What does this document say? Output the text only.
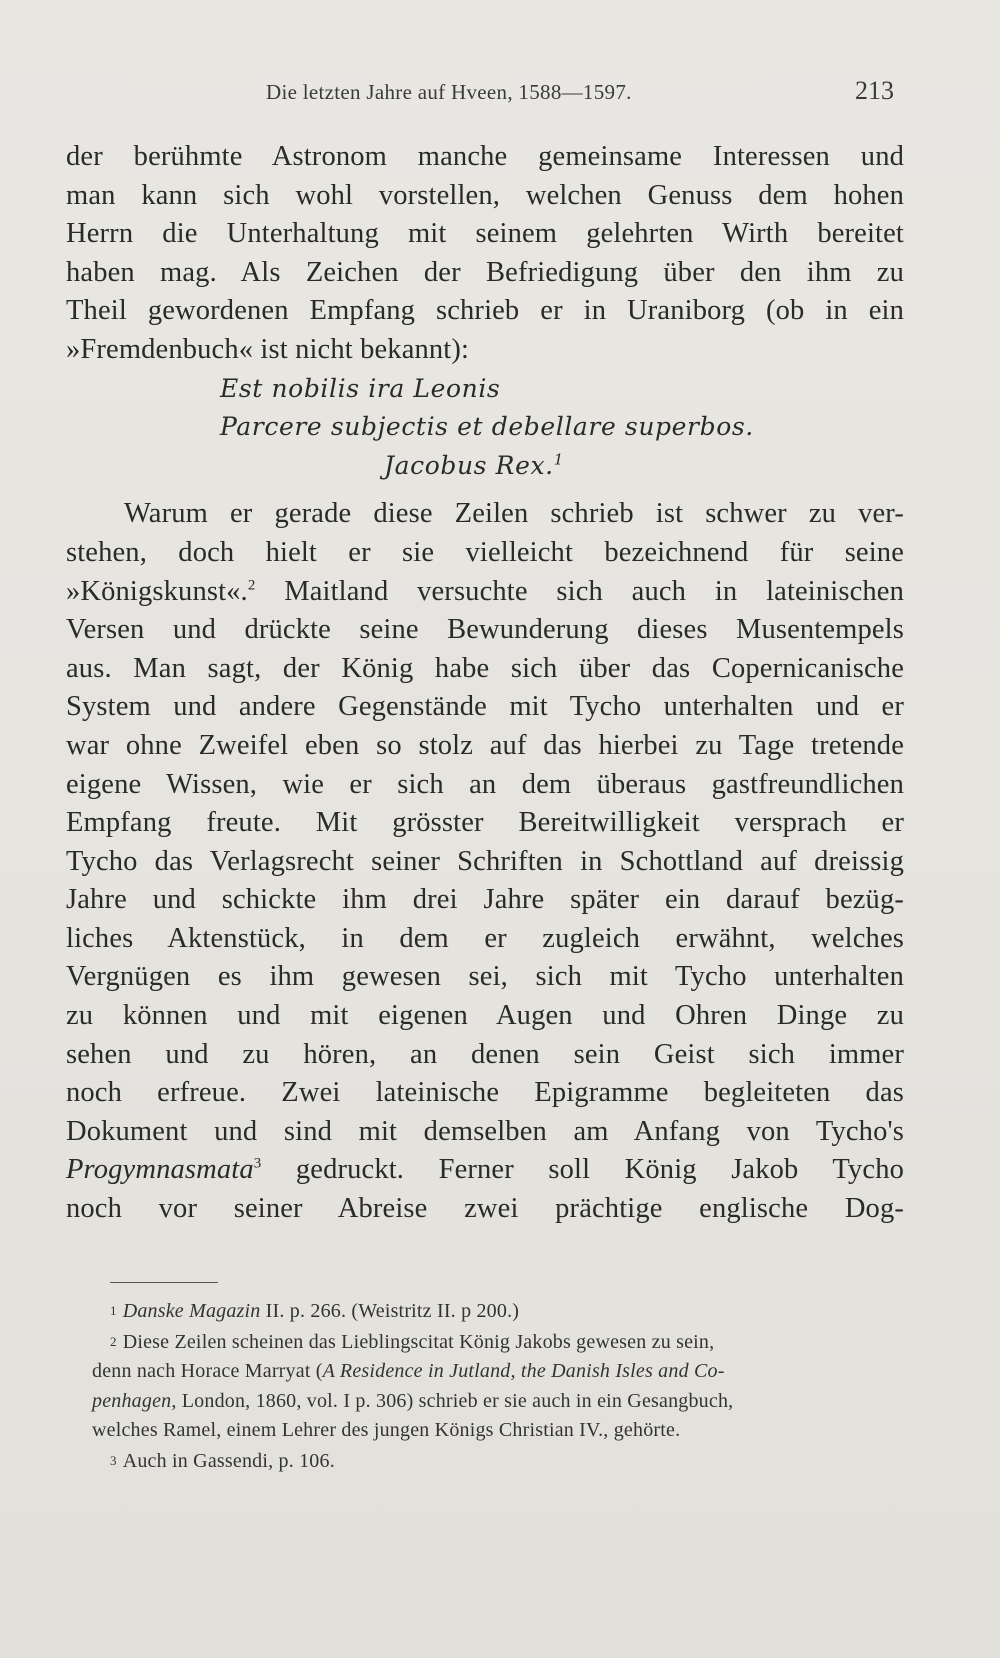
Die letzten Jahre auf Hveen, 1588—1597.	213
der berühmte Astronom manche gemeinsame Interessen und
man kann sich wohl vorstellen, welchen Genuss dem hohen
Herrn die Unterhaltung mit seinem gelehrten Wirth bereitet
haben mag. Als Zeichen der Befriedigung über den ihm zu
Theil gewordenen Empfang schrieb er in Uraniborg (ob in ein
»Fremdenbuch« ist nicht bekannt):
Est nobilis ira Leonis
Parcere subjectis et debellare superbos.
Jacobus Rex.$^1$
Warum er gerade diese Zeilen schrieb ist schwer zu ver-
stehen, doch hielt er sie vielleicht bezeichnend für seine
»Königskunst«.$^2$ Maitland versuchte sich auch in lateinischen
Versen und drückte seine Bewunderung dieses Musentempels
aus. Man sagt, der König habe sich über das Copernicanische
System und andere Gegenstände mit Tycho unterhalten und er
war ohne Zweifel eben so stolz auf das hierbei zu Tage tretende
eigene Wissen, wie er sich an dem überaus gastfreundlichen
Empfang freute. Mit grösster Bereitwilligkeit versprach er
Tycho das Verlagsrecht seiner Schriften in Schottland auf dreissig
Jahre und schickte ihm drei Jahre später ein darauf bezüg-
liches Aktenstück, in dem er zugleich erwähnt, welches
Vergnügen es ihm gewesen sei, sich mit Tycho unterhalten
zu können und mit eigenen Augen und Ohren Dinge zu
sehen und zu hören, an denen sein Geist sich immer
noch erfreue. Zwei lateinische Epigramme begleiteten das
Dokument und sind mit demselben am Anfang von Tycho's
Progymnasmata$^3$ gedruckt. Ferner soll König Jakob Tycho
noch vor seiner Abreise zwei prächtige englische Dog-
1 Danske Magazin II. p. 266. (Weistritz II. p 200.)
2 Diese Zeilen scheinen das Lieblingscitat König Jakobs gewesen zu sein,
denn nach Horace Marryat (A Residence in Jutland, the Danish Isles and Co-
penhagen, London, 1860, vol. I p. 306) schrieb er sie auch in ein Gesangbuch,
welches Ramel, einem Lehrer des jungen Königs Christian IV., gehörte.
3 Auch in Gassendi, p. 106.
